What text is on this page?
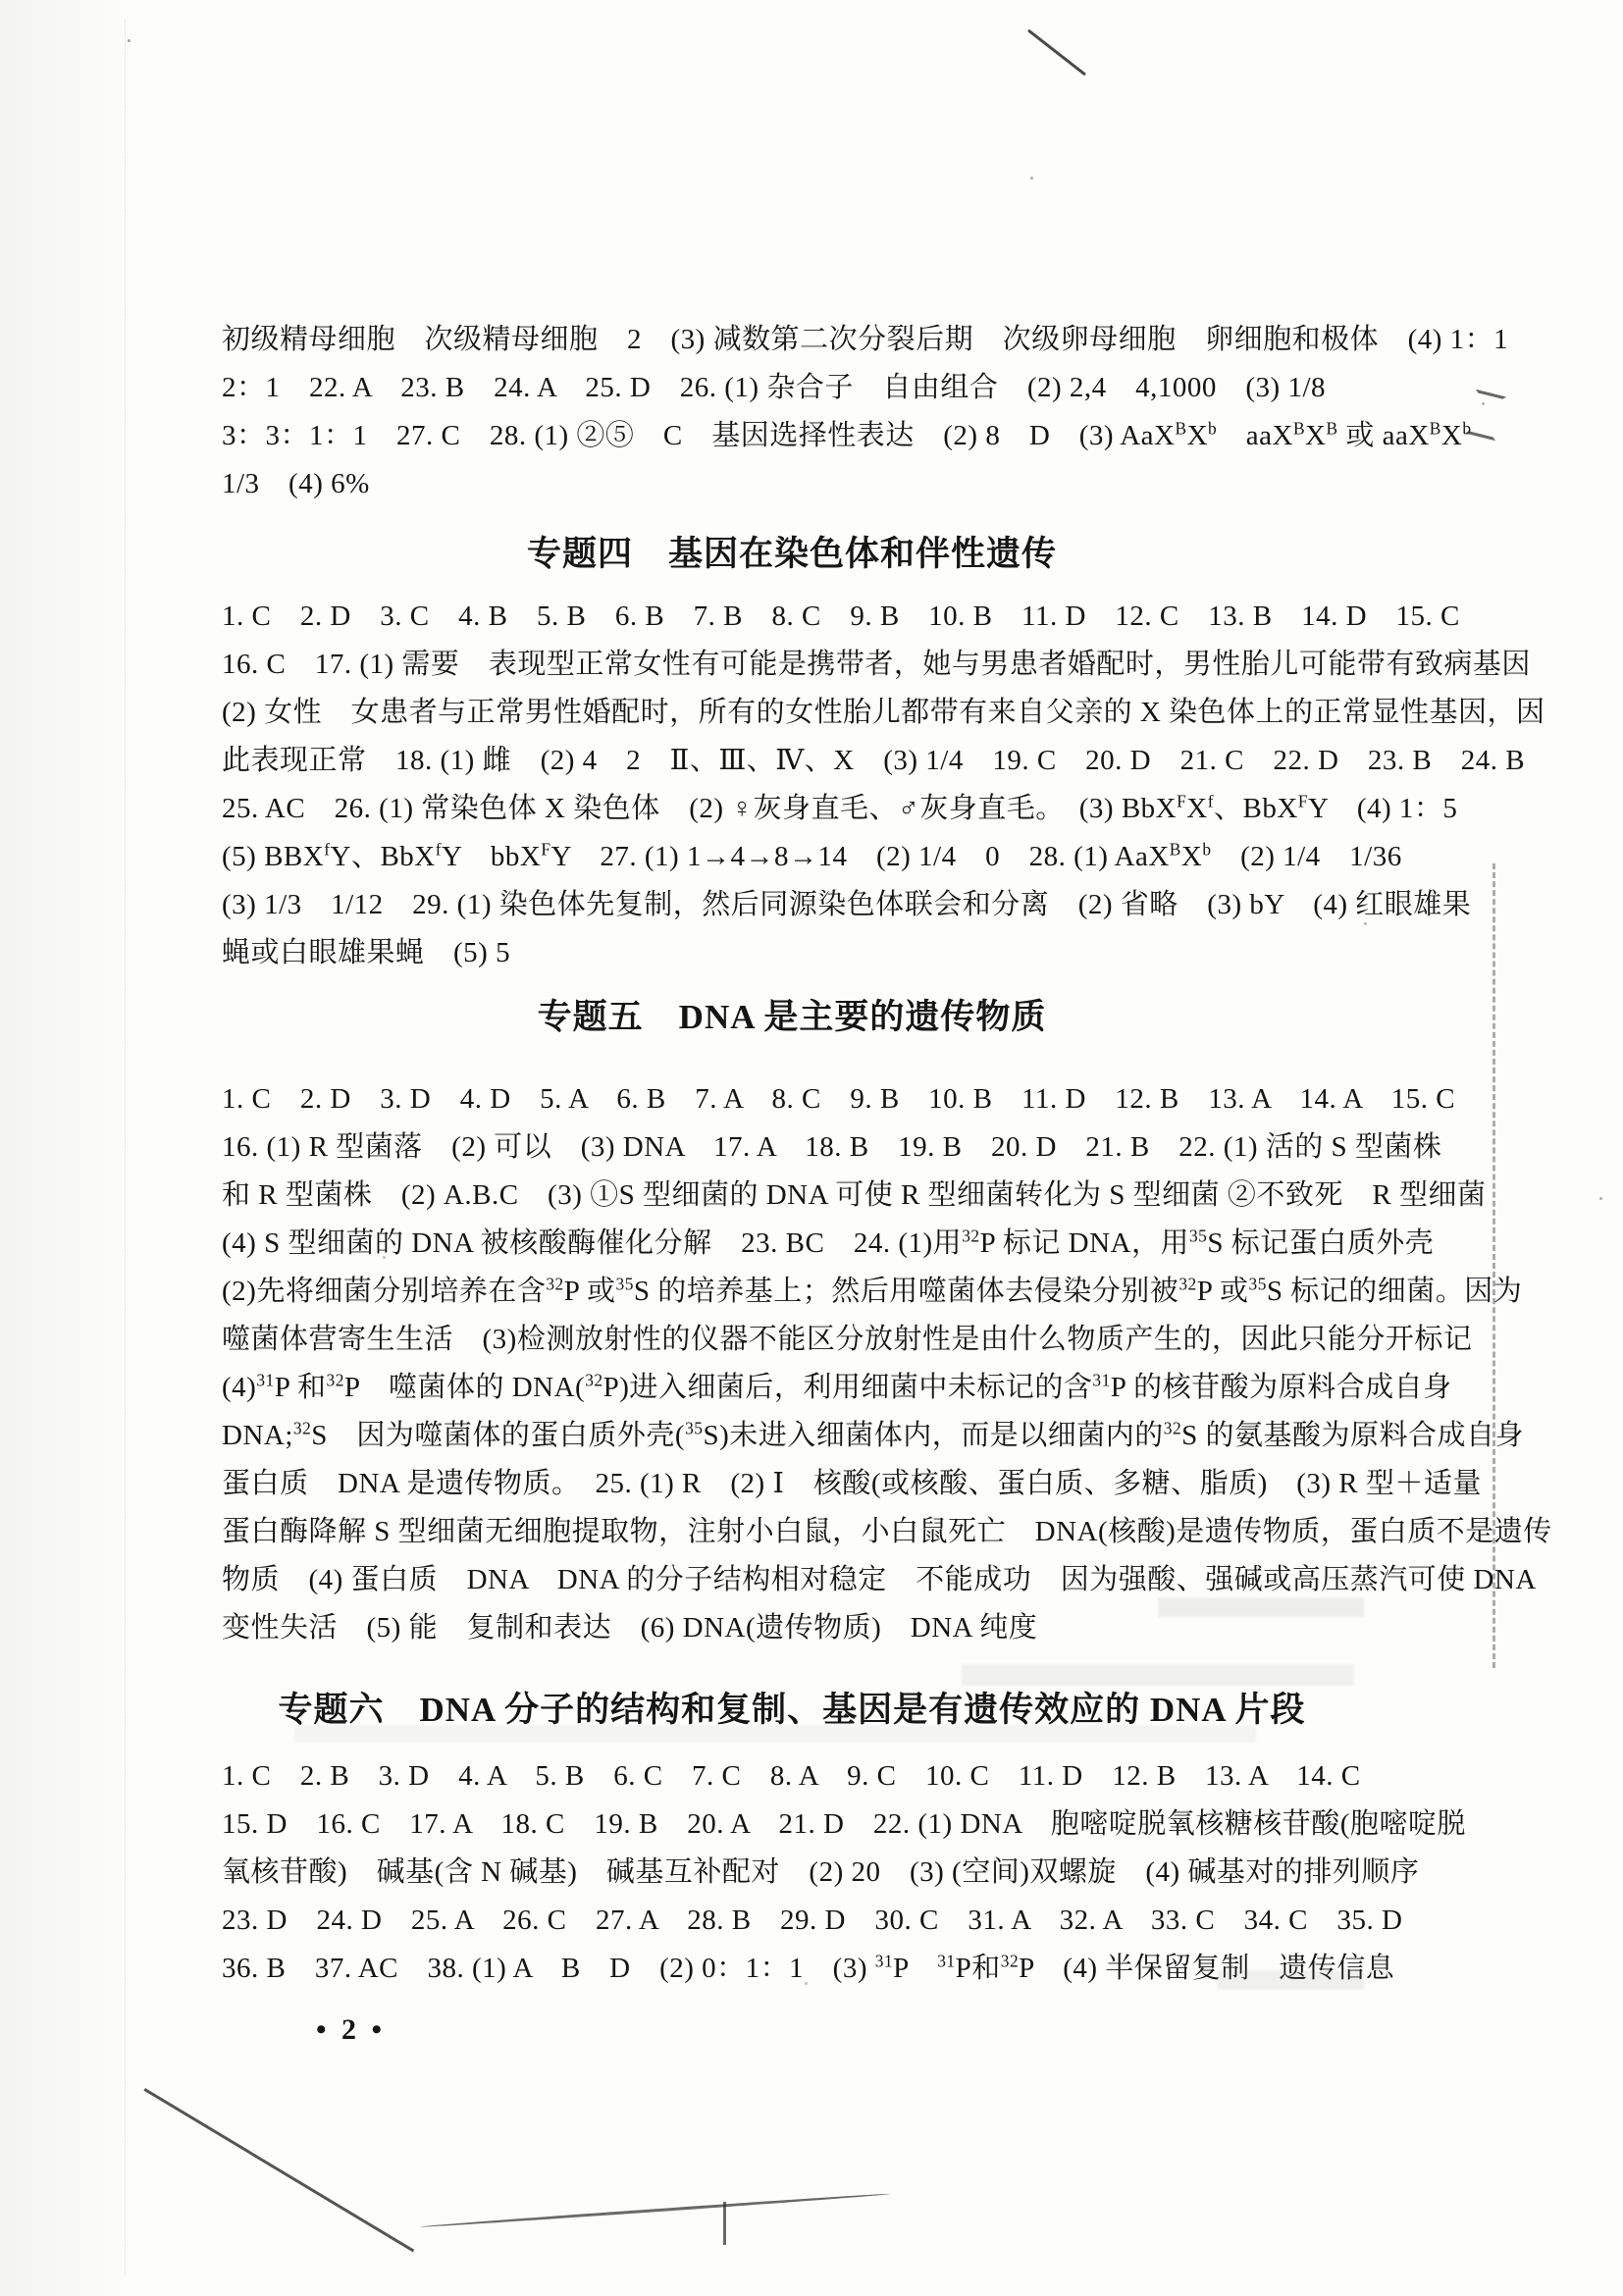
初级精母细胞　次级精母细胞　2　(3) 减数第二次分裂后期　次级卵母细胞　卵细胞和极体　(4) 1：1
2：1　22. A　23. B　24. A　25. D　26. (1) 杂合子　自由组合　(2) 2,4　4,1000　(3) 1/8
3：3：1：1　27. C　28. (1) ②⑤　C　基因选择性表达　(2) 8　D　(3) $AaX^BX^b$　$aaX^BX^B$ 或 $aaX^BX^b$
1/3　(4) 6%
专题四　基因在染色体和伴性遗传
1. C　2. D　3. C　4. B　5. B　6. B　7. B　8. C　9. B　10. B　11. D　12. C　13. B　14. D　15. C
16. C　17. (1) 需要　表现型正常女性有可能是携带者，她与男患者婚配时，男性胎儿可能带有致病基因
(2) 女性　女患者与正常男性婚配时，所有的女性胎儿都带有来自父亲的 X 染色体上的正常显性基因，因
此表现正常　18. (1) 雌　(2) 4　2　Ⅱ、Ⅲ、Ⅳ、X　(3) 1/4　19. C　20. D　21. C　22. D　23. B　24. B
25. AC　26. (1) 常染色体 X 染色体　(2) ♀灰身直毛、♂灰身直毛。　(3) $BbX^FX^f$、BbX$^F$Y　(4) 1：5
(5) BBX$^f$Y、BbX$^f$Y　bbX$^F$Y　27. (1) 1→4→8→14　(2) 1/4　0　28. (1) $AaX^BX^b$　(2) 1/4　1/36
(3) 1/3　1/12　29. (1) 染色体先复制，然后同源染色体联会和分离　(2) 省略　(3) bY　(4) 红眼雄果
蝇或白眼雄果蝇　(5) 5
专题五　DNA 是主要的遗传物质
1. C　2. D　3. D　4. D　5. A　6. B　7. A　8. C　9. B　10. B　11. D　12. B　13. A　14. A　15. C
16. (1) R 型菌落　(2) 可以　(3) DNA　17. A　18. B　19. B　20. D　21. B　22. (1) 活的 S 型菌株
和 R 型菌株　(2) A.B.C　(3) ①S 型细菌的 DNA 可使 R 型细菌转化为 S 型细菌 ②不致死　R 型细菌
(4) S 型细菌的 DNA 被核酸酶催化分解　23. BC　24. (1)用$^{32}$P 标记 DNA，用$^{35}$S 标记蛋白质外壳
(2)先将细菌分别培养在含$^{32}$P 或$^{35}$S 的培养基上；然后用噬菌体去侵染分别被$^{32}$P 或$^{35}$S 标记的细菌。因为
噬菌体营寄生生活　(3)检测放射性的仪器不能区分放射性是由什么物质产生的，因此只能分开标记
$(4)^{31}P$ 和$^{32}$P　噬菌体的 DNA($^{32}$P)进入细菌后，利用细菌中未标记的含$^{31}$P 的核苷酸为原料合成自身
DNA;$^{32}$S　因为噬菌体的蛋白质外壳($^{35}$S)未进入细菌体内，而是以细菌内的$^{32}$S 的氨基酸为原料合成自身
蛋白质　DNA 是遗传物质。　25. (1) R　(2) Ⅰ　核酸(或核酸、蛋白质、多糖、脂质)　(3) R 型＋适量
蛋白酶降解 S 型细菌无细胞提取物，注射小白鼠，小白鼠死亡　DNA(核酸)是遗传物质，蛋白质不是遗传
物质　(4) 蛋白质　DNA　DNA 的分子结构相对稳定　不能成功　因为强酸、强碱或高压蒸汽可使 DNA
变性失活　(5) 能　复制和表达　(6) DNA(遗传物质)　DNA 纯度
专题六　DNA 分子的结构和复制、基因是有遗传效应的 DNA 片段
1. C　2. B　3. D　4. A　5. B　6. C　7. C　8. A　9. C　10. C　11. D　12. B　13. A　14. C
15. D　16. C　17. A　18. C　19. B　20. A　21. D　22. (1) DNA　胞嘧啶脱氧核糖核苷酸(胞嘧啶脱
氧核苷酸)　碱基(含 N 碱基)　碱基互补配对　(2) 20　(3) (空间)双螺旋　(4) 碱基对的排列顺序
23. D　24. D　25. A　26. C　27. A　28. B　29. D　30. C　31. A　32. A　33. C　34. C　35. D
36. B　37. AC　38. (1) A　B　D　(2) 0：1：1　(3) $^{31}$P　$^{31}$P和$^{32}$P　(4) 半保留复制　遗传信息
• 2 •
